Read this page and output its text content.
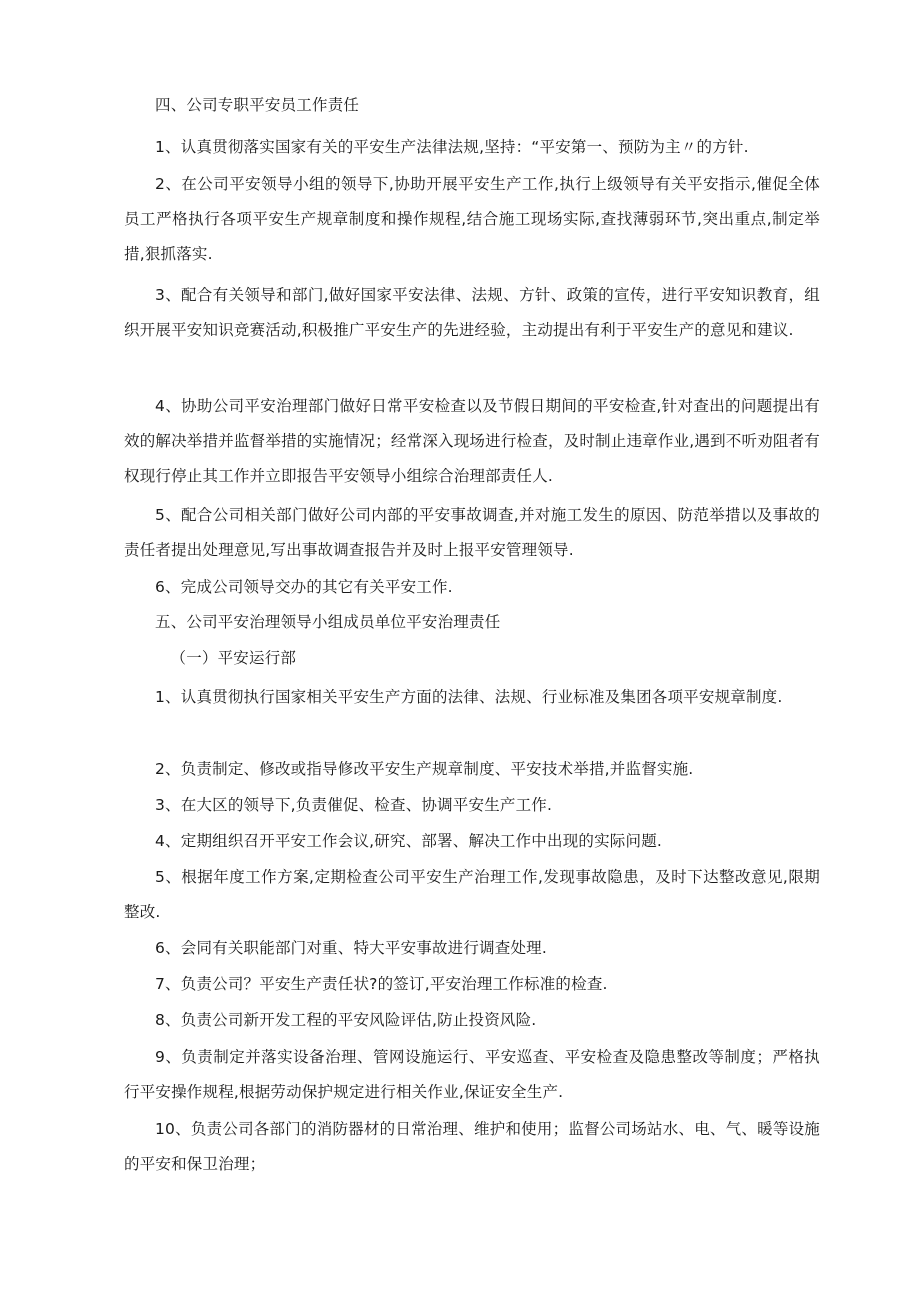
四、公司专职平安员工作责任

1、认真贯彻落实国家有关的平安生产法律法规,坚持：“平安第一、预防为主〃的方针.

2、在公司平安领导小组的领导下,协助开展平安生产工作,执行上级领导有关平安指示,催促全体员工严格执行各项平安生产规章制度和操作规程,结合施工现场实际,查找薄弱环节,突出重点,制定举措,狠抓落实.

3、配合有关领导和部门,做好国家平安法律、法规、方针、政策的宣传，进行平安知识教育，组织开展平安知识竞赛活动,积极推广平安生产的先进经验，主动提出有利于平安生产的意见和建议.

4、协助公司平安治理部门做好日常平安检查以及节假日期间的平安检查,针对查出的问题提出有效的解决举措并监督举措的实施情况；经常深入现场进行检查，及时制止违章作业,遇到不听劝阻者有权现行停止其工作并立即报告平安领导小组综合治理部责任人.

5、配合公司相关部门做好公司内部的平安事故调查,并对施工发生的原因、防范举措以及事故的责任者提出处理意见,写出事故调查报告并及时上报平安管理领导.

6、完成公司领导交办的其它有关平安工作.

五、公司平安治理领导小组成员单位平安治理责任

（一）平安运行部

1、认真贯彻执行国家相关平安生产方面的法律、法规、行业标准及集团各项平安规章制度.

2、负责制定、修改或指导修改平安生产规章制度、平安技术举措,并监督实施.

3、在大区的领导下,负责催促、检查、协调平安生产工作.

4、定期组织召开平安工作会议,研究、部署、解决工作中出现的实际问题.

5、根据年度工作方案,定期检查公司平安生产治理工作,发现事故隐患，及时下达整改意见,限期整改.

6、会同有关职能部门对重、特大平安事故进行调查处理.

7、负责公司？平安生产责任状?的签订,平安治理工作标准的检查.

8、负责公司新开发工程的平安风险评估,防止投资风险.

9、负责制定并落实设备治理、管网设施运行、平安巡查、平安检查及隐患整改等制度；严格执行平安操作规程,根据劳动保护规定进行相关作业,保证安全生产.

10、负责公司各部门的消防器材的日常治理、维护和使用；监督公司场站水、电、气、暖等设施的平安和保卫治理；
